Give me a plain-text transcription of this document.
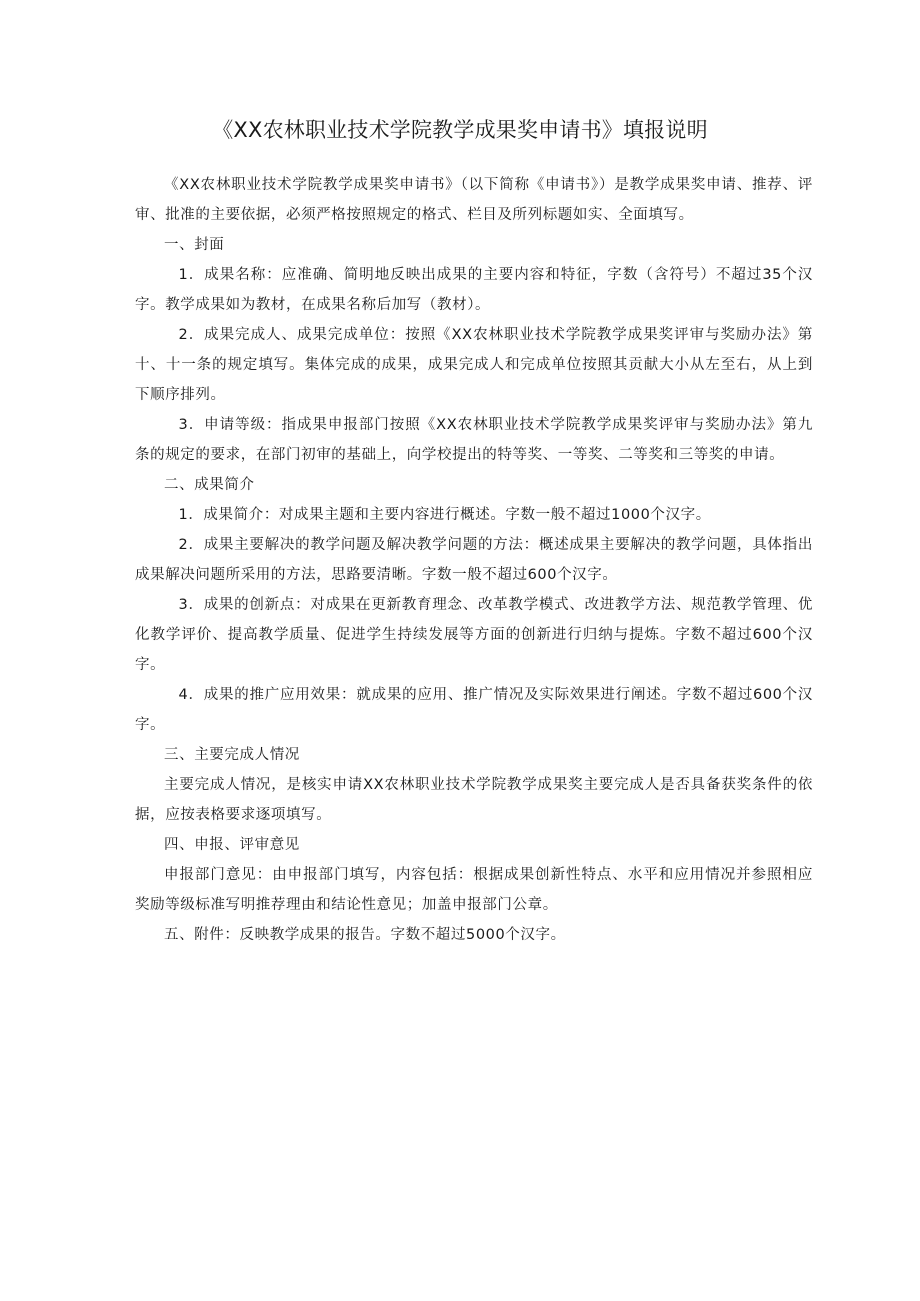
《XX农林职业技术学院教学成果奖申请书》填报说明

《XX农林职业技术学院教学成果奖申请书》（以下简称《申请书》）是教学成果奖申请、推荐、评审、批准的主要依据，必须严格按照规定的格式、栏目及所列标题如实、全面填写。

一、封面

1．成果名称：应准确、简明地反映出成果的主要内容和特征，字数（含符号）不超过35个汉字。教学成果如为教材，在成果名称后加写（教材）。

2．成果完成人、成果完成单位：按照《XX农林职业技术学院教学成果奖评审与奖励办法》第十、十一条的规定填写。集体完成的成果，成果完成人和完成单位按照其贡献大小从左至右，从上到下顺序排列。

3．申请等级：指成果申报部门按照《XX农林职业技术学院教学成果奖评审与奖励办法》第九条的规定的要求，在部门初审的基础上，向学校提出的特等奖、一等奖、二等奖和三等奖的申请。

二、成果简介

1．成果简介：对成果主题和主要内容进行概述。字数一般不超过1000个汉字。

2．成果主要解决的教学问题及解决教学问题的方法：概述成果主要解决的教学问题，具体指出成果解决问题所采用的方法，思路要清晰。字数一般不超过600个汉字。

3．成果的创新点：对成果在更新教育理念、改革教学模式、改进教学方法、规范教学管理、优化教学评价、提高教学质量、促进学生持续发展等方面的创新进行归纳与提炼。字数不超过600个汉字。

4．成果的推广应用效果：就成果的应用、推广情况及实际效果进行阐述。字数不超过600个汉字。

三、主要完成人情况

主要完成人情况，是核实申请XX农林职业技术学院教学成果奖主要完成人是否具备获奖条件的依据，应按表格要求逐项填写。

四、申报、评审意见

申报部门意见：由申报部门填写，内容包括：根据成果创新性特点、水平和应用情况并参照相应奖励等级标准写明推荐理由和结论性意见；加盖申报部门公章。

五、附件：反映教学成果的报告。字数不超过5000个汉字。
